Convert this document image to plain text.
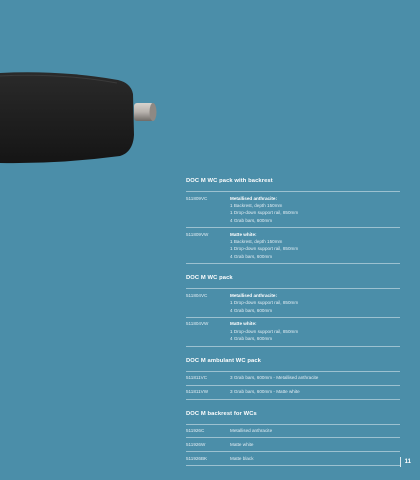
DOC M WC pack with backrest
511809VC	Metallised anthracite:
1 Backrest, depth 150mm
1 Drop-down support rail, 850mm
4 Grab bars, 600mm
511809VW	Matte white:
1 Backrest, depth 150mm
1 Drop-down support rail, 850mm
4 Grab bars, 600mm
DOC M WC pack
511804VC	Metallised anthracite:
1 Drop-down support rail, 850mm
4 Grab bars, 600mm
511804VW	Matte white:
1 Drop-down support rail, 850mm
4 Grab bars, 600mm
DOC M ambulant WC pack
511811VC	3 Grab bars, 600mm - Metallised anthracite
511811VW	3 Grab bars, 600mm - Matte white
DOC M backrest for WCs
511926C	Metallised anthracite
511926W	Matte white
511926BK	Matte black
11
